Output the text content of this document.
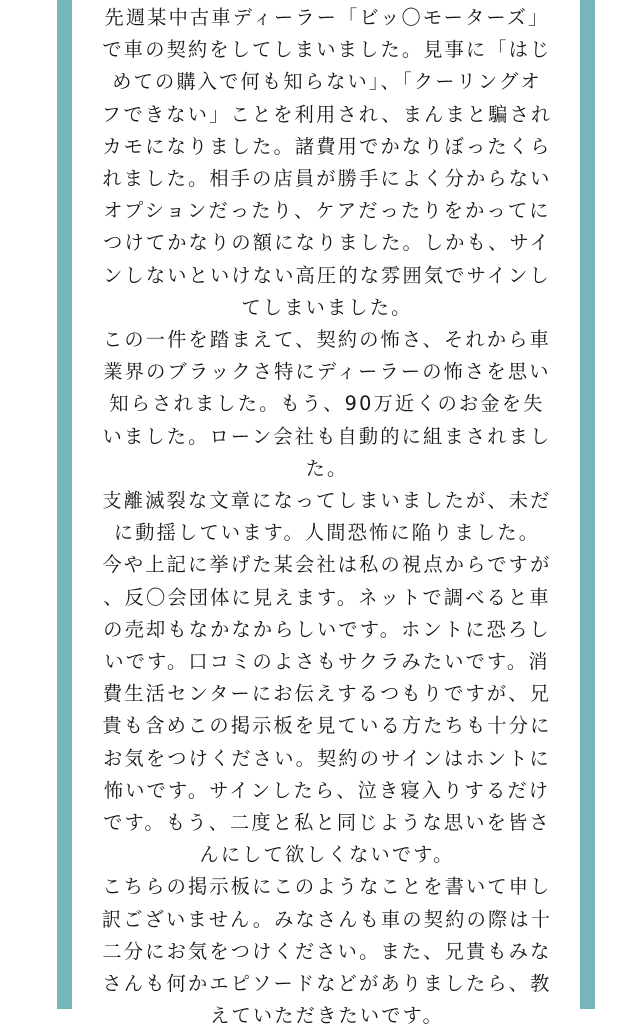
先週某中古車ディーラー「ビッ〇モーターズ」
で車の契約をしてしまいました。見事に「はじ
めての購入で何も知らない」、「クーリングオ
フできない」ことを利用され、まんまと騙され
カモになりました。諸費用でかなりぼったくら
れました。相手の店員が勝手によく分からない
オプションだったり、ケアだったりをかってに
つけてかなりの額になりました。しかも、サイ
ンしないといけない高圧的な雰囲気でサインし
てしまいました。

この一件を踏まえて、契約の怖さ、それから車
業界のブラックさ特にディーラーの怖さを思い
知らされました。もう、90万近くのお金を失
いました。ローン会社も自動的に組まされまし
た。

支離滅裂な文章になってしまいましたが、未だ
に動揺しています。人間恐怖に陥りました。

今や上記に挙げた某会社は私の視点からですが
、反〇会団体に見えます。ネットで調べると車
の売却もなかなからしいです。ホントに恐ろし
いです。口コミのよさもサクラみたいです。消
費生活センターにお伝えするつもりですが、兄
貴も含めこの掲示板を見ている方たちも十分に
お気をつけください。契約のサインはホントに
怖いです。サインしたら、泣き寝入りするだけ
です。もう、二度と私と同じような思いを皆さ
んにして欲しくないです。

こちらの掲示板にこのようなことを書いて申し
訳ございません。みなさんも車の契約の際は十
二分にお気をつけください。また、兄貴もみな
さんも何かエピソードなどがありましたら、教
えていただきたいです。
